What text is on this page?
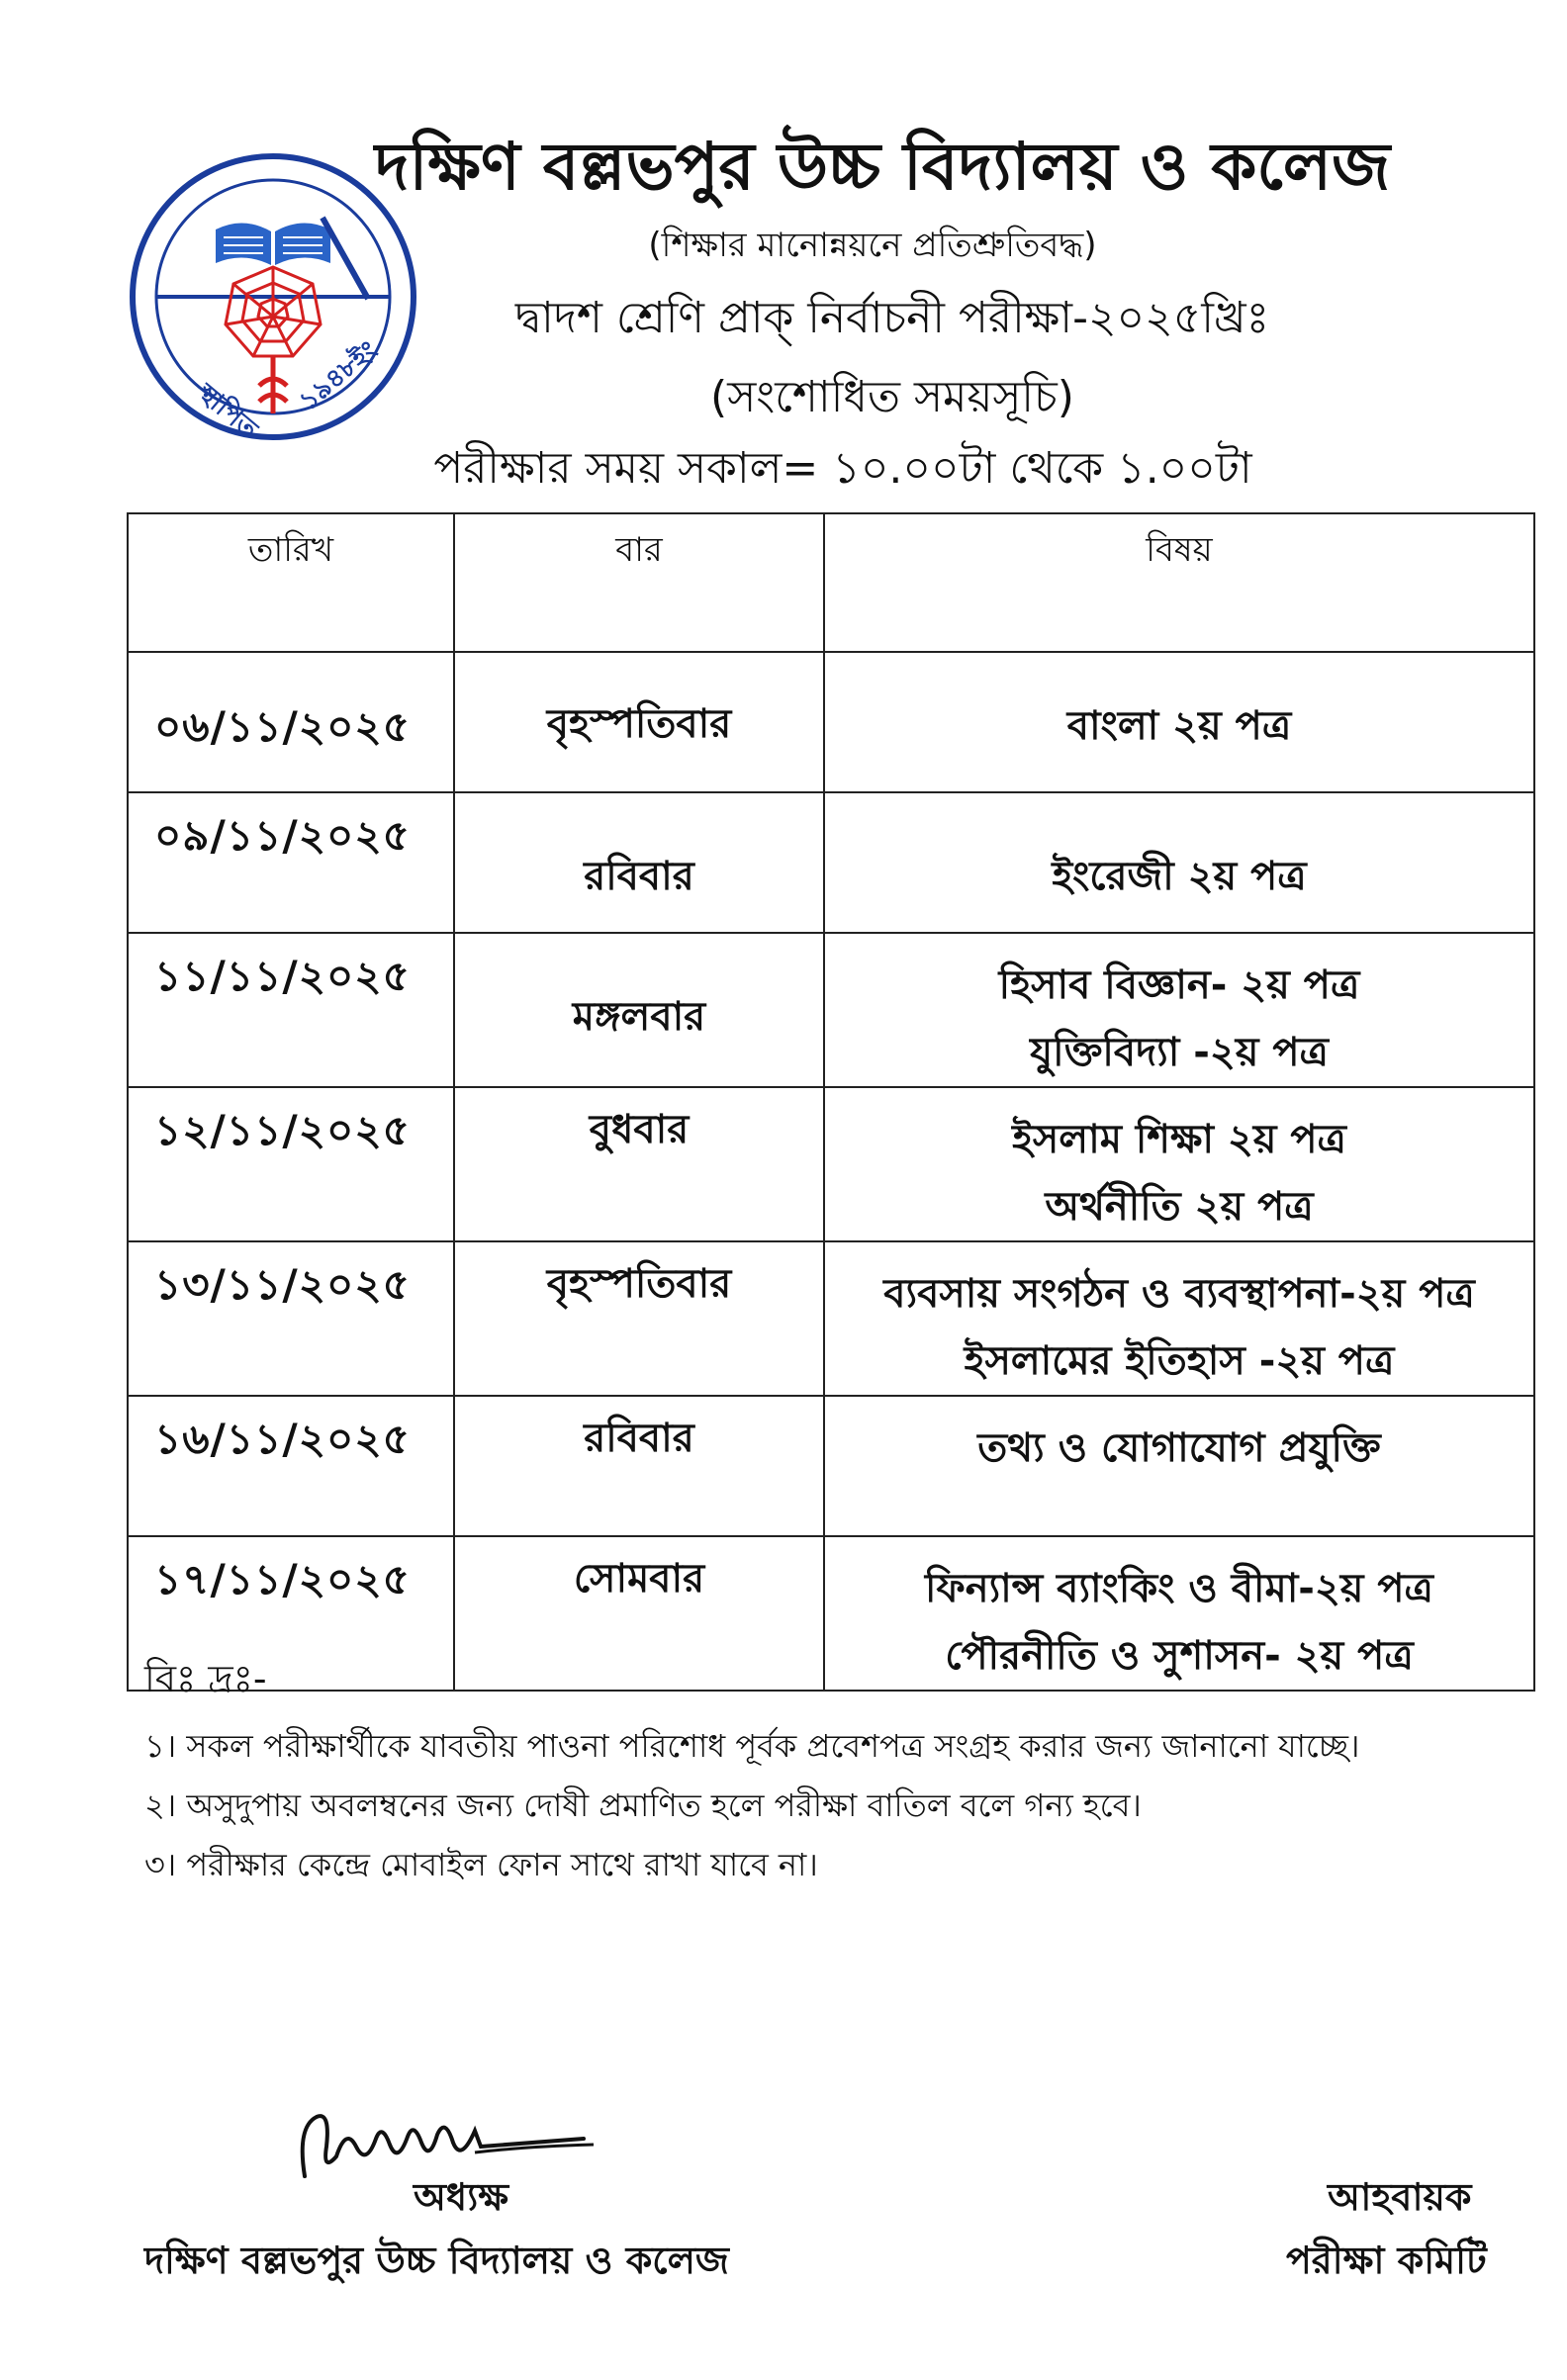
স্থাপিত ১৯৪৮ইং
দক্ষিণ বল্লভপুর উচ্চ বিদ্যালয় ও কলেজ
(শিক্ষার মানোন্নয়নে প্রতিশ্রুতিবদ্ধ)
দ্বাদশ শ্রেণি প্রাক্ নির্বাচনী পরীক্ষা-২০২৫খ্রিঃ
(সংশোধিত সময়সূচি)
পরীক্ষার সময় সকাল= ১০.০০টা থেকে ১.০০টা
তারিখ	বার	বিষয়
০৬/১১/২০২৫	বৃহস্পতিবার	বাংলা ২য় পত্র

০৯/১১/২০২৫	রবিবার	ইংরেজী ২য় পত্র

১১/১১/২০২৫	মঙ্গলবার	হিসাব বিজ্ঞান- ২য় পত্র
যুক্তিবিদ্যা -২য় পত্র

১২/১১/২০২৫	বুধবার	ইসলাম শিক্ষা ২য় পত্র
অর্থনীতি ২য় পত্র

১৩/১১/২০২৫	বৃহস্পতিবার	ব্যবসায় সংগঠন ও ব্যবস্থাপনা-২য় পত্র
ইসলামের ইতিহাস -২য় পত্র

১৬/১১/২০২৫	রবিবার	তথ্য ও যোগাযোগ প্রযুক্তি

১৭/১১/২০২৫	সোমবার	ফিন্যান্স ব্যাংকিং ও বীমা-২য় পত্র
পৌরনীতি ও সুশাসন- ২য় পত্র
বিঃ দ্রঃ-
১। সকল পরীক্ষার্থীকে যাবতীয় পাওনা পরিশোধ পূর্বক প্রবেশপত্র সংগ্রহ করার জন্য জানানো যাচ্ছে।
২। অসুদুপায় অবলম্বনের জন্য দোষী প্রমাণিত হলে পরীক্ষা বাতিল বলে গন্য হবে।
৩। পরীক্ষার কেন্দ্রে মোবাইল ফোন সাথে রাখা যাবে না।
অধ্যক্ষ
দক্ষিণ বল্লভপুর উচ্চ বিদ্যালয় ও কলেজ
আহবায়ক
পরীক্ষা কমিটি
